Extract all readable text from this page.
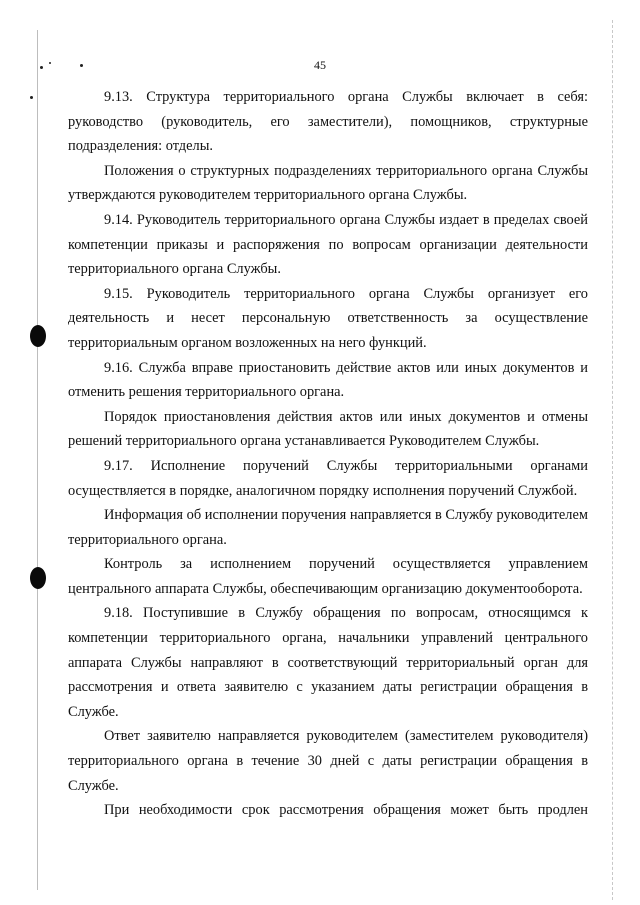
45

9.13. Структура территориального органа Службы включает в себя: руководство (руководитель, его заместители), помощников, структурные подразделения: отделы.

Положения о структурных подразделениях территориального органа Службы утверждаются руководителем территориального органа Службы.

9.14. Руководитель территориального органа Службы издает в пределах своей компетенции приказы и распоряжения по вопросам организации деятельности территориального органа Службы.

9.15. Руководитель территориального органа Службы организует его деятельность и несет персональную ответственность за осуществление территориальным органом возложенных на него функций.

9.16. Служба вправе приостановить действие актов или иных документов и отменить решения территориального органа.

Порядок приостановления действия актов или иных документов и отмены решений территориального органа устанавливается Руководителем Службы.

9.17. Исполнение поручений Службы территориальными органами осуществляется в порядке, аналогичном порядку исполнения поручений Службой.

Информация об исполнении поручения направляется в Службу руководителем территориального органа.

Контроль за исполнением поручений осуществляется управлением центрального аппарата Службы, обеспечивающим организацию документооборота.

9.18. Поступившие в Службу обращения по вопросам, относящимся к компетенции территориального органа, начальники управлений центрального аппарата Службы направляют в соответствующий территориальный орган для рассмотрения и ответа заявителю с указанием даты регистрации обращения в Службе.

Ответ заявителю направляется руководителем (заместителем руководителя) территориального органа в течение 30 дней с даты регистрации обращения в Службе.

При необходимости срок рассмотрения обращения может быть продлен
